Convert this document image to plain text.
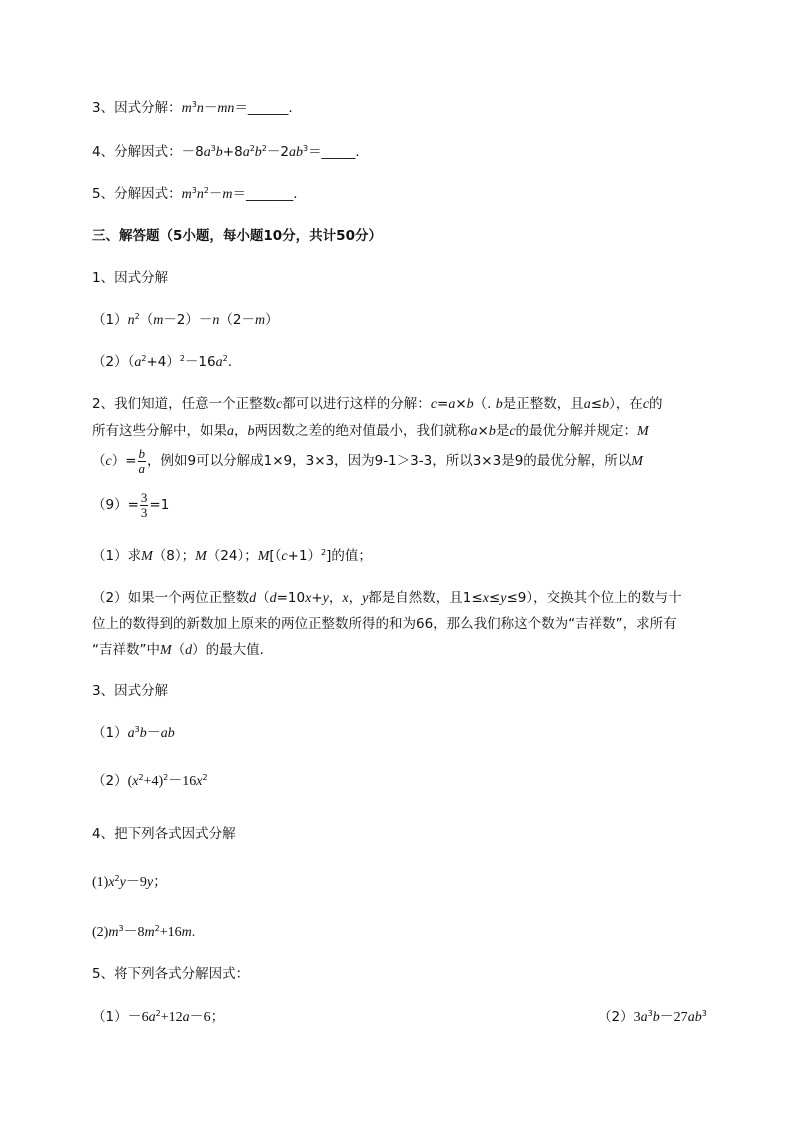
3、因式分解：$m^3n-mn=\_\_\_\_\_\_$.
4、分解因式：$-8a^3b+8a^2b^2-2ab^3=\_\_\_\_\_$.
5、分解因式：$m^3n^2-m=\_\_\_\_\_\_\_$.
三、解答题（5小题，每小题10分，共计50分）
1、因式分解
$(1)n^2(m-2)-n(2-m)$
$(2)(a^2+4)^2-16a^2$.
2、我们知道，任意一个正整数c都可以进行这样的分解：c=a×b（. b是正整数，且a≤b），在c的
所有这些分解中，如果a，b两因数之差的绝对值最小，我们就称a×b是c的最优分解并规定：M
$(c)= \frac{b}{a}$ ，例如9可以分解成1×9，3×3，因为9-1＞3-3，所以3×3是9的最优分解，所以M
$(9)= \frac{3}{3} =1$
（1）求M（8）；M（24）；$M[(c+1)^2]$的值；
（2）如果一个两位正整数d（d=10x+y，x，y都是自然数，且1≤x≤y≤9），交换其个位上的数与十
位上的数得到的新数加上原来的两位正整数所得的和为66，那么我们称这个数为“吉祥数”，求所有
“吉祥数”中M（d）的最大值.
3、因式分解
$(1)a^3b-ab$
$(2)(x^2+4)^2-16x^2$
4、把下列各式因式分解
$(1)x^2y-9y$；
$(2)m^3-8m^2+16m$.
5、将下列各式分解因式：
$(1)-6a^2+12a-6$；	$(2)3a^3b-27ab^3$
